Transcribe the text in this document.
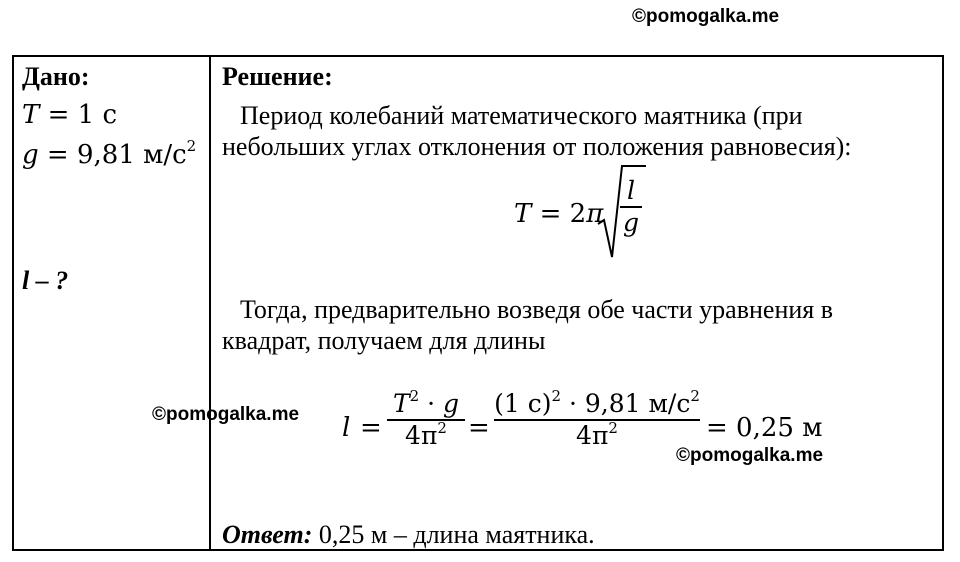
©pomogalka.me
Дано:
T = 1 с
g = 9,81 $м/с^2$
l – ?
Решение:
Период колебаний математического маятника (при
небольших углах отклонения от положения равновесия):
T = 2π
l
g
Тогда, предварительно возведя обе части уравнения в
квадрат, получаем для длины
©pomogalka.me l =
$T^2 \cdot g$
$4\pi^2$ =
(1 с)$^2$ · 9,81 $м/с^2$
$4\pi^2$	= 0,25 м
©pomogalka.me
Ответ: 0,25 м – длина маятника.
